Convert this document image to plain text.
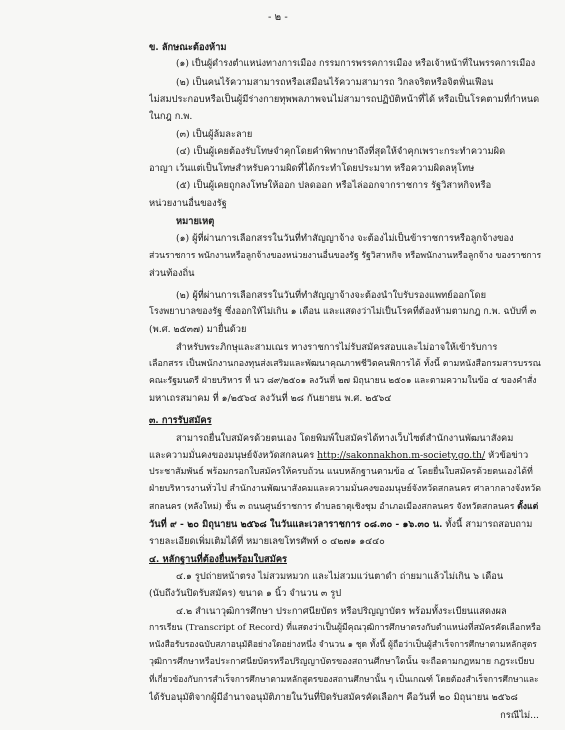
- ๒ -
ข. ลักษณะต้องห้าม
(๑) เป็นผู้ดำรงตำแหน่งทางการเมือง กรรมการพรรคการเมือง หรือเจ้าหน้าที่ในพรรคการเมือง
(๒) เป็นคนไร้ความสามารถหรือเสมือนไร้ความสามารถ วิกลจริตหรือจิตฟั่นเฟือน
ไม่สมประกอบหรือเป็นผู้มีร่างกายทุพพลภาพจนไม่สามารถปฏิบัติหน้าที่ได้ หรือเป็นโรคตามที่กำหนด
ในกฎ ก.พ.
(๓) เป็นผู้ล้มละลาย
(๔) เป็นผู้เคยต้องรับโทษจำคุกโดยคำพิพากษาถึงที่สุดให้จำคุกเพราะกระทำความผิด
อาญา เว้นแต่เป็นโทษสำหรับความผิดที่ได้กระทำโดยประมาท หรือความผิดลหุโทษ
(๕) เป็นผู้เคยถูกลงโทษให้ออก ปลดออก หรือไล่ออกจากราชการ รัฐวิสาหกิจหรือ
หน่วยงานอื่นของรัฐ
หมายเหตุ
(๑) ผู้ที่ผ่านการเลือกสรรในวันที่ทำสัญญาจ้าง จะต้องไม่เป็นข้าราชการหรือลูกจ้างของ
ส่วนราชการ พนักงานหรือลูกจ้างของหน่วยงานอื่นของรัฐ รัฐวิสาหกิจ หรือพนักงานหรือลูกจ้าง ของราชการ
ส่วนท้องถิ่น
(๒) ผู้ที่ผ่านการเลือกสรรในวันที่ทำสัญญาจ้างจะต้องนำใบรับรองแพทย์ออกโดย
โรงพยาบาลของรัฐ ซึ่งออกให้ไม่เกิน ๑ เดือน และแสดงว่าไม่เป็นโรคที่ต้องห้ามตามกฎ ก.พ. ฉบับที่ ๓
(พ.ศ. ๒๕๓๗) มายื่นด้วย
สำหรับพระภิกษุและสามเณร ทางราชการไม่รับสมัครสอบและไม่อาจให้เข้ารับการ
เลือกสรร เป็นพนักงานกองทุนส่งเสริมและพัฒนาคุณภาพชีวิตคนพิการได้ ทั้งนี้ ตามหนังสือกรมสารบรรณ
คณะรัฐมนตรี ฝ่ายบริหาร ที่ นว ๘๙/๒๕๐๑ ลงวันที่ ๒๗ มิถุนายน ๒๕๐๑ และตามความในข้อ ๔ ของคำสั่ง
มหาเถรสมาคม ที่ ๑/๒๕๖๔ ลงวันที่ ๒๘ กันยายน พ.ศ. ๒๕๖๔
๓. การรับสมัคร
สามารถยื่นใบสมัครด้วยตนเอง โดยพิมพ์ใบสมัครได้ทางเว็บไซต์สำนักงานพัฒนาสังคม
และความมั่นคงของมนุษย์จังหวัดสกลนคร http://sakonnakhon.m-society.go.th/ หัวข้อข่าว
ประชาสัมพันธ์ พร้อมกรอกใบสมัครให้ครบถ้วน แนบหลักฐานตามข้อ ๔ โดยยื่นใบสมัครด้วยตนเองได้ที่
ฝ่ายบริหารงานทั่วไป สำนักงานพัฒนาสังคมและความมั่นคงของมนุษย์จังหวัดสกลนคร ศาลากลางจังหวัด
สกลนคร (หลังใหม่) ชั้น ๓ ถนนศูนย์ราชการ ตำบลธาตุเชิงชุม อำเภอเมืองสกลนคร จังหวัดสกลนคร ตั้งแต่
วันที่ ๙ - ๒๐ มิถุนายน ๒๕๖๘ ในวันและเวลาราชการ ๐๘.๓๐ - ๑๖.๓๐ น. ทั้งนี้ สามารถสอบถาม
รายละเอียดเพิ่มเติมได้ที่ หมายเลขโทรศัพท์ ๐ ๔๒๗๑ ๑๔๔๐
๔. หลักฐานที่ต้องยื่นพร้อมใบสมัคร
๔.๑ รูปถ่ายหน้าตรง ไม่สวมหมวก และไม่สวมแว่นตาดำ ถ่ายมาแล้วไม่เกิน ๖ เดือน
(นับถึงวันปิดรับสมัคร) ขนาด ๑ นิ้ว จำนวน ๓ รูป
๔.๒ สำเนาวุฒิการศึกษา ประกาศนียบัตร หรือปริญญาบัตร พร้อมทั้งระเบียนแสดงผล
การเรียน (Transcript of Record) ที่แสดงว่าเป็นผู้มีคุณวุฒิการศึกษาตรงกับตำแหน่งที่สมัครคัดเลือกหรือ
หนังสือรับรองฉบับสภาอนุมัติอย่างใดอย่างหนึ่ง จำนวน ๑ ชุด ทั้งนี้ ผู้ถือว่าเป็นผู้สำเร็จการศึกษาตามหลักสูตร
วุฒิการศึกษาหรือประกาศนียบัตรหรือปริญญาบัตรของสถานศึกษาใดนั้น จะถือตามกฎหมาย กฎระเบียบ
ที่เกี่ยวข้องกับการสำเร็จการศึกษาตามหลักสูตรของสถานศึกษานั้น ๆ เป็นเกณฑ์ โดยต้องสำเร็จการศึกษาและ
ได้รับอนุมัติจากผู้มีอำนาจอนุมัติภายในวันที่ปิดรับสมัครคัดเลือกฯ คือวันที่ ๒๐ มิถุนายน ๒๕๖๘
กรณีไม่...
